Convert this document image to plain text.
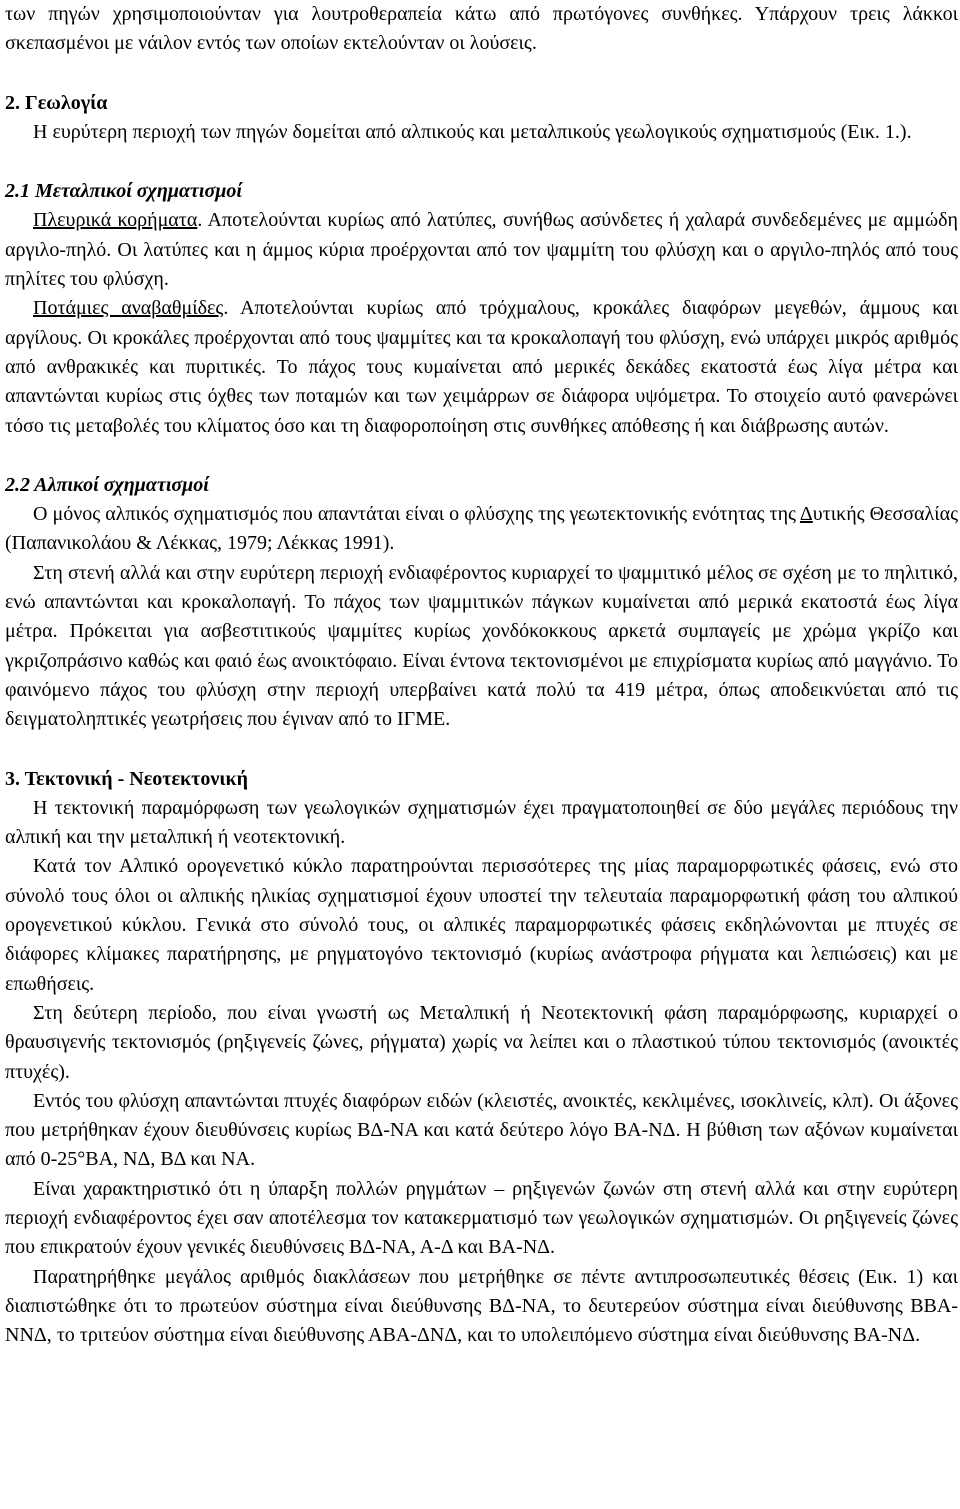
των πηγών χρησιμοποιούνταν για λουτροθεραπεία κάτω από πρωτόγονες συνθήκες. Υπάρχουν τρεις λάκκοι σκεπασμένοι με νάιλον εντός των οποίων εκτελούνταν οι λούσεις.

2. Γεωλογία

Η ευρύτερη περιοχή των πηγών δομείται από αλπικούς και μεταλπικούς γεωλογικούς σχηματισμούς (Εικ. 1.).

2.1 Μεταλπικοί σχηματισμοί

Πλευρικά κορήματα. Αποτελούνται κυρίως από λατύπες, συνήθως ασύνδετες ή χαλαρά συνδεδεμένες με αμμώδη αργιλο-πηλό. Οι λατύπες και η άμμος κύρια προέρχονται από τον ψαμμίτη του φλύσχη και ο αργιλο-πηλός από τους πηλίτες του φλύσχη.

Ποτάμιες αναβαθμίδες. Αποτελούνται κυρίως από τρόχμαλους, κροκάλες διαφόρων μεγεθών, άμμους και αργίλους. Οι κροκάλες προέρχονται από τους ψαμμίτες και τα κροκαλοπαγή του φλύσχη, ενώ υπάρχει μικρός αριθμός από ανθρακικές και πυριτικές. Το πάχος τους κυμαίνεται από μερικές δεκάδες εκατοστά έως λίγα μέτρα και απαντώνται κυρίως στις όχθες των ποταμών και των χειμάρρων σε διάφορα υψόμετρα. Το στοιχείο αυτό φανερώνει τόσο τις μεταβολές του κλίματος όσο και τη διαφοροποίηση στις συνθήκες απόθεσης ή και διάβρωσης αυτών.

2.2 Αλπικοί σχηματισμοί

Ο μόνος αλπικός σχηματισμός που απαντάται είναι ο φλύσχης της γεωτεκτονικής ενότητας της Δυτικής Θεσσαλίας (Παπανικολάου & Λέκκας, 1979; Λέκκας 1991).

Στη στενή αλλά και στην ευρύτερη περιοχή ενδιαφέροντος κυριαρχεί το ψαμμιτικό μέλος σε σχέση με το πηλιτικό, ενώ απαντώνται και κροκαλοπαγή. Το πάχος των ψαμμιτικών πάγκων κυμαίνεται από μερικά εκατοστά έως λίγα μέτρα. Πρόκειται για ασβεστιτικούς ψαμμίτες κυρίως χονδόκοκκους αρκετά συμπαγείς με χρώμα γκρίζο και γκριζοπράσινο καθώς και φαιό έως ανοικτόφαιο. Είναι έντονα τεκτονισμένοι με επιχρίσματα κυρίως από μαγγάνιο. Το φαινόμενο πάχος του φλύσχη στην περιοχή υπερβαίνει κατά πολύ τα 419 μέτρα, όπως αποδεικνύεται από τις δειγματοληπτικές γεωτρήσεις που έγιναν από το ΙΓΜΕ.

3. Τεκτονική - Νεοτεκτονική

Η τεκτονική παραμόρφωση των γεωλογικών σχηματισμών έχει πραγματοποιηθεί σε δύο μεγάλες περιόδους την αλπική και την μεταλπική ή νεοτεκτονική.

Κατά τον Αλπικό ορογενετικό κύκλο παρατηρούνται περισσότερες της μίας παραμορφωτικές φάσεις, ενώ στο σύνολό τους όλοι οι αλπικής ηλικίας σχηματισμοί έχουν υποστεί την τελευταία παραμορφωτική φάση του αλπικού ορογενετικού κύκλου. Γενικά στο σύνολό τους, οι αλπικές παραμορφωτικές φάσεις εκδηλώνονται με πτυχές σε διάφορες κλίμακες παρατήρησης, με ρηγματογόνο τεκτονισμό (κυρίως ανάστροφα ρήγματα και λεπιώσεις) και με επωθήσεις.

Στη δεύτερη περίοδο, που είναι γνωστή ως Μεταλπική ή Νεοτεκτονική φάση παραμόρφωσης, κυριαρχεί ο θραυσιγενής τεκτονισμός (ρηξιγενείς ζώνες, ρήγματα) χωρίς να λείπει και ο πλαστικού τύπου τεκτονισμός (ανοικτές πτυχές).

Εντός του φλύσχη απαντώνται πτυχές διαφόρων ειδών (κλειστές, ανοικτές, κεκλιμένες, ισοκλινείς, κλπ). Οι άξονες που μετρήθηκαν έχουν διευθύνσεις κυρίως ΒΔ-ΝΑ και κατά δεύτερο λόγο ΒΑ-ΝΔ. Η βύθιση των αξόνων κυμαίνεται από 0-25°ΒΑ, ΝΔ, ΒΔ και ΝΑ.

Είναι χαρακτηριστικό ότι η ύπαρξη πολλών ρηγμάτων – ρηξιγενών ζωνών στη στενή αλλά και στην ευρύτερη περιοχή ενδιαφέροντος έχει σαν αποτέλεσμα τον κατακερματισμό των γεωλογικών σχηματισμών. Οι ρηξιγενείς ζώνες που επικρατούν έχουν γενικές διευθύνσεις ΒΔ-ΝΑ, Α-Δ και ΒΑ-ΝΔ.

Παρατηρήθηκε μεγάλος αριθμός διακλάσεων που μετρήθηκε σε πέντε αντιπροσωπευτικές θέσεις (Εικ. 1) και διαπιστώθηκε ότι το πρωτεύον σύστημα είναι διεύθυνσης ΒΔ-ΝΑ, το δευτερεύον σύστημα είναι διεύθυνσης ΒΒΑ-ΝΝΔ, το τριτεύον σύστημα είναι διεύθυνσης ΑΒΑ-ΔΝΔ, και το υπολειπόμενο σύστημα είναι διεύθυνσης ΒΑ-ΝΔ.
